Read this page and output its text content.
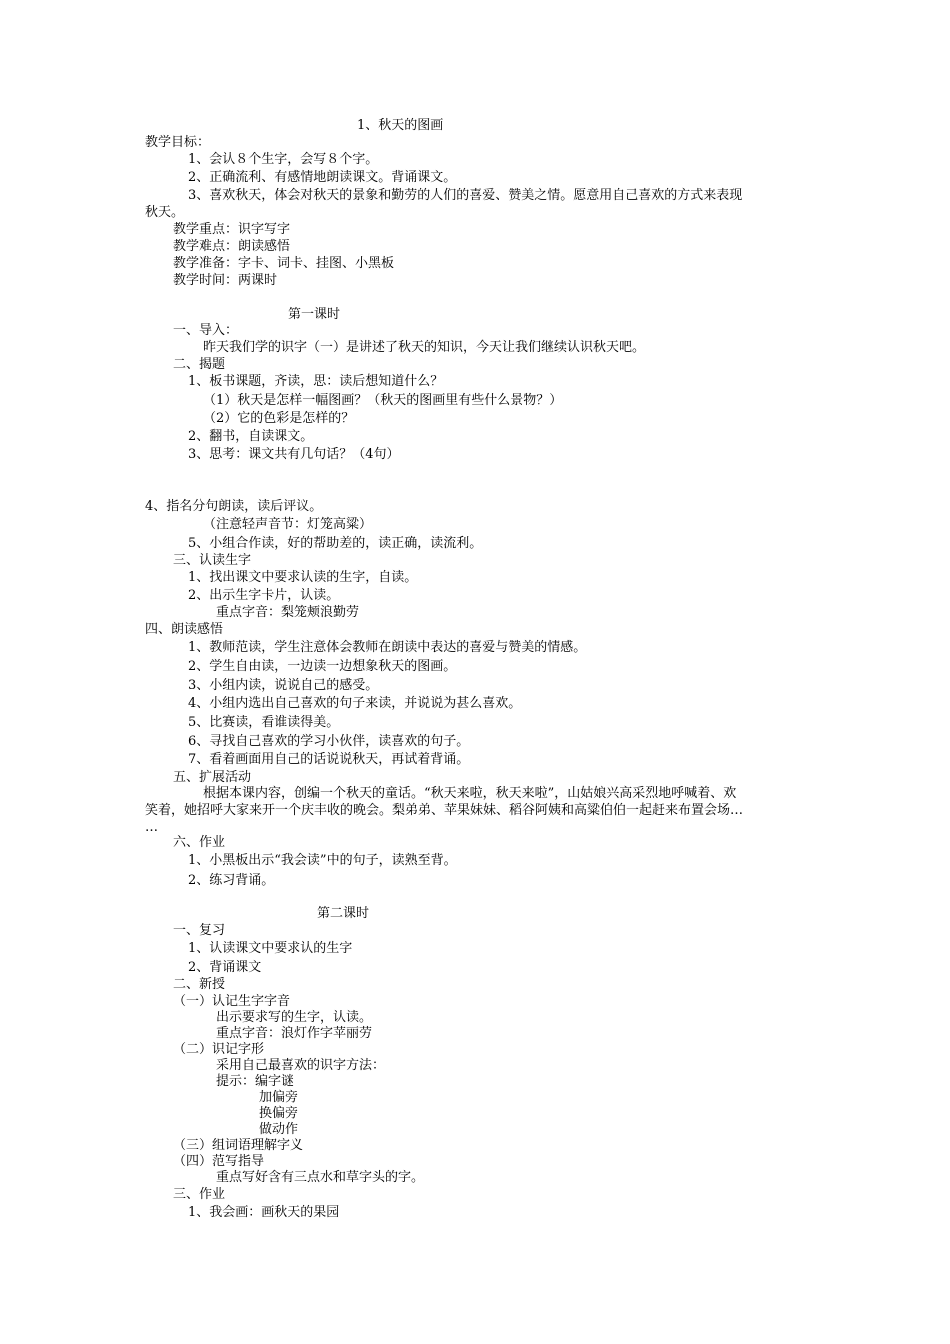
1、秋天的图画
教学目标：
1、会认８个生字，会写８个字。
2、正确流利、有感情地朗读课文。背诵课文。
3、喜欢秋天，体会对秋天的景象和勤劳的人们的喜爱、赞美之情。愿意用自己喜欢的方式来表现
秋天。
教学重点：识字写字
教学难点：朗读感悟
教学准备：字卡、词卡、挂图、小黑板
教学时间：两课时
第一课时
一、导入：
昨天我们学的识字（一）是讲述了秋天的知识，今天让我们继续认识秋天吧。
二、揭题
1、板书课题，齐读，思：读后想知道什么？
（1）秋天是怎样一幅图画？（秋天的图画里有些什么景物？）
（2）它的色彩是怎样的？
2、翻书，自读课文。
3、思考：课文共有几句话？（4句）
4、指名分句朗读，读后评议。
（注意轻声音节：灯笼高粱）
5、小组合作读，好的帮助差的，读正确，读流利。
三、认读生字
1、找出课文中要求认读的生字，自读。
2、出示生字卡片，认读。
重点字音：梨笼颊浪勤劳
四、朗读感悟
1、教师范读，学生注意体会教师在朗读中表达的喜爱与赞美的情感。
2、学生自由读，一边读一边想象秋天的图画。
3、小组内读，说说自己的感受。
4、小组内选出自己喜欢的句子来读，并说说为甚么喜欢。
5、比赛读，看谁读得美。
6、寻找自己喜欢的学习小伙伴，读喜欢的句子。
7、看着画面用自己的话说说秋天，再试着背诵。
五、扩展活动
根据本课内容，创编一个秋天的童话。“秋天来啦，秋天来啦”，山姑娘兴高采烈地呼喊着、欢
笑着，她招呼大家来开一个庆丰收的晚会。梨弟弟、苹果妹妹、稻谷阿姨和高粱伯伯一起赶来布置会场…
…
六、作业
1、小黑板出示“我会读”中的句子，读熟至背。
2、练习背诵。
第二课时
一、复习
1、认读课文中要求认的生字
2、背诵课文
二、新授
（一）认记生字字音
出示要求写的生字，认读。
重点字音：浪灯作字苹丽劳
（二）识记字形
采用自己最喜欢的识字方法：
提示：编字谜
加偏旁
换偏旁
做动作
（三）组词语理解字义
（四）范写指导
重点写好含有三点水和草字头的字。
三、作业
1、我会画：画秋天的果园
